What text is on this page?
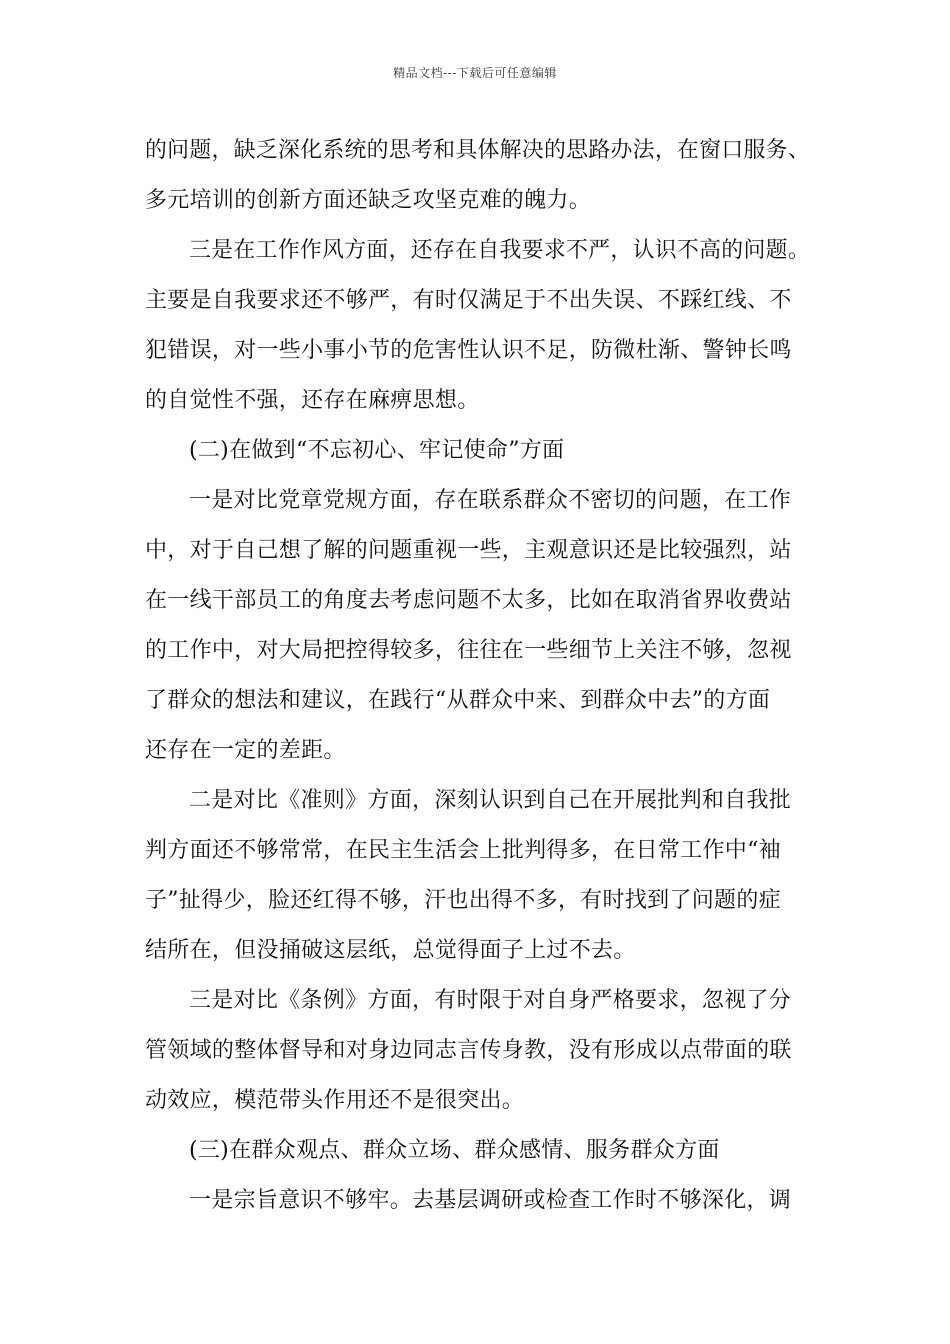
精品文档---下载后可任意编辑
的问题，缺乏深化系统的思考和具体解决的思路办法，在窗口服务、
多元培训的创新方面还缺乏攻坚克难的魄力。
三是在工作作风方面，还存在自我要求不严，认识不高的问题。
主要是自我要求还不够严，有时仅满足于不出失误、不踩红线、不
犯错误，对一些小事小节的危害性认识不足，防微杜渐、警钟长鸣
的自觉性不强，还存在麻痹思想。
(二)在做到“不忘初心、牢记使命”方面
一是对比党章党规方面，存在联系群众不密切的问题，在工作
中，对于自己想了解的问题重视一些，主观意识还是比较强烈，站
在一线干部员工的角度去考虑问题不太多，比如在取消省界收费站
的工作中，对大局把控得较多，往往在一些细节上关注不够，忽视
了群众的想法和建议，在践行“从群众中来、到群众中去”的方面
还存在一定的差距。
二是对比《准则》方面，深刻认识到自己在开展批判和自我批
判方面还不够常常，在民主生活会上批判得多，在日常工作中“袖
子”扯得少，脸还红得不够，汗也出得不多，有时找到了问题的症
结所在，但没捅破这层纸，总觉得面子上过不去。
三是对比《条例》方面，有时限于对自身严格要求，忽视了分
管领域的整体督导和对身边同志言传身教，没有形成以点带面的联
动效应，模范带头作用还不是很突出。
(三)在群众观点、群众立场、群众感情、服务群众方面
一是宗旨意识不够牢。去基层调研或检查工作时不够深化，调
